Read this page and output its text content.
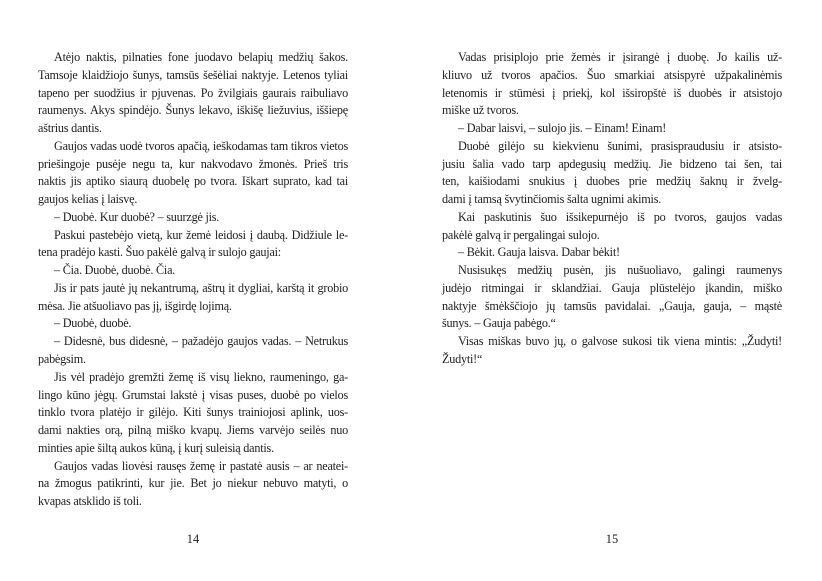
Atėjo naktis, pilnaties fone juodavo belapių medžių šakos.
Tamsoje klaidžiojo šunys, tamsūs šešėliai naktyje. Letenos tyliai
tapeno per suodžius ir pjuvenas. Po žvilgiais gaurais raibuliavo
raumenys. Akys spindėjo. Šunys lekavo, iškišę liežuvius, iššiepę
aštrius dantis.
Gaujos vadas uodė tvoros apačią, ieškodamas tam tikros vietos
priešingoje pusėje negu ta, kur nakvodavo žmonės. Prieš tris
naktis jis aptiko siaurą duobelę po tvora. Iškart suprato, kad tai
gaujos kelias į laisvę.
– Duobė. Kur duobė? – suurzgė jis.
Paskui pastebėjo vietą, kur žemė leidosi į daubą. Didžiule le-
tena pradėjo kasti. Šuo pakėlė galvą ir sulojo gaujai:
– Čia. Duobė, duobė. Čia.
Jis ir pats jautė jų nekantrumą, aštrų it dygliai, karštą it grobio
mėsa. Jie atšuoliavo pas jį, išgirdę lojimą.
– Duobė, duobė.
– Didesnė, bus didesnė, – pažadėjo gaujos vadas. – Netrukus
pabėgsim.
Jis vėl pradėjo gremžti žemę iš visų liekno, raumeningo, ga-
lingo kūno jėgų. Grumstai lakstė į visas puses, duobė po vielos
tinklo tvora platėjo ir gilėjo. Kiti šunys trainiojosi aplink, uos-
dami nakties orą, pilną miško kvapų. Jiems varvėjo seilės nuo
minties apie šiltą aukos kūną, į kurį suleisią dantis.
Gaujos vadas liovėsi rausęs žemę ir pastatė ausis – ar neatei-
na žmogus patikrinti, kur jie. Bet jo niekur nebuvo matyti, o
kvapas atsklido iš toli.
14
Vadas prisiplojo prie žemės ir įsirangė į duobę. Jo kailis už-
kliuvo už tvoros apačios. Šuo smarkiai atsispyrė užpakalinėmis
letenomis ir stūmėsi į priekį, kol išsiropštė iš duobės ir atsistojo
miške už tvoros.
– Dabar laisvi, – sulojo jis. – Einam! Einam!
Duobė gilėjo su kiekvienu šunimi, prasispraudusiu ir atsisto-
jusiu šalia vado tarp apdegusių medžių. Jie bidzeno tai šen, tai
ten, kaišiodami snukius į duobes prie medžių šaknų ir žvelg-
dami į tamsą švytinčiomis šalta ugnimi akimis.
Kai paskutinis šuo išsikepurnėjo iš po tvoros, gaujos vadas
pakėlė galvą ir pergalingai sulojo.
– Bėkit. Gauja laisva. Dabar bėkit!
Nusisukęs medžių pusėn, jis nušuoliavo, galingi raumenys
judėjo ritmingai ir sklandžiai. Gauja plūstelėjo įkandin, miško
naktyje šmėkščiojo jų tamsūs pavidalai. „Gauja, gauja, – mąstė
šunys. – Gauja pabėgo.“
Visas miškas buvo jų, o galvose sukosi tik viena mintis: „Žudyti!
Žudyti!“
15
